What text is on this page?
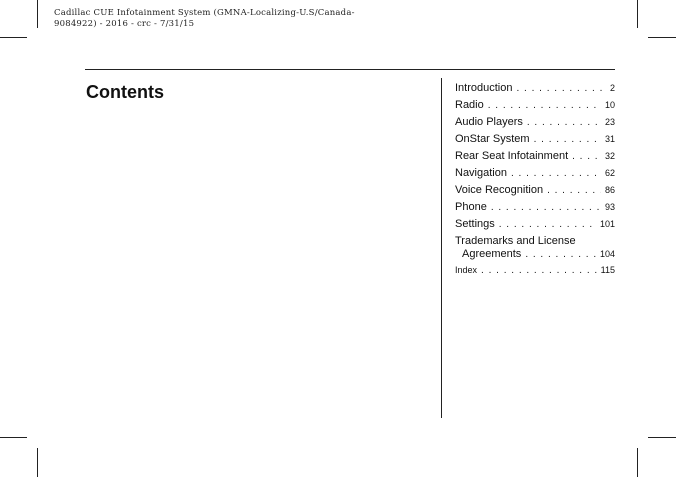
Cadillac CUE Infotainment System (GMNA-Localizing-U.S/Canada-
9084922) - 2016 - crc - 7/31/15
Contents	Introduction . . .	2
Radio . . .	10
Audio Players . . .	23
OnStar System . . .	31
Rear Seat Infotainment . . .	32
Navigation . . .	62
Voice Recognition . . .	86
Phone . . .	93
Settings . . .	101
Trademarks and License
Agreements . . .	104
Index . . .	115
